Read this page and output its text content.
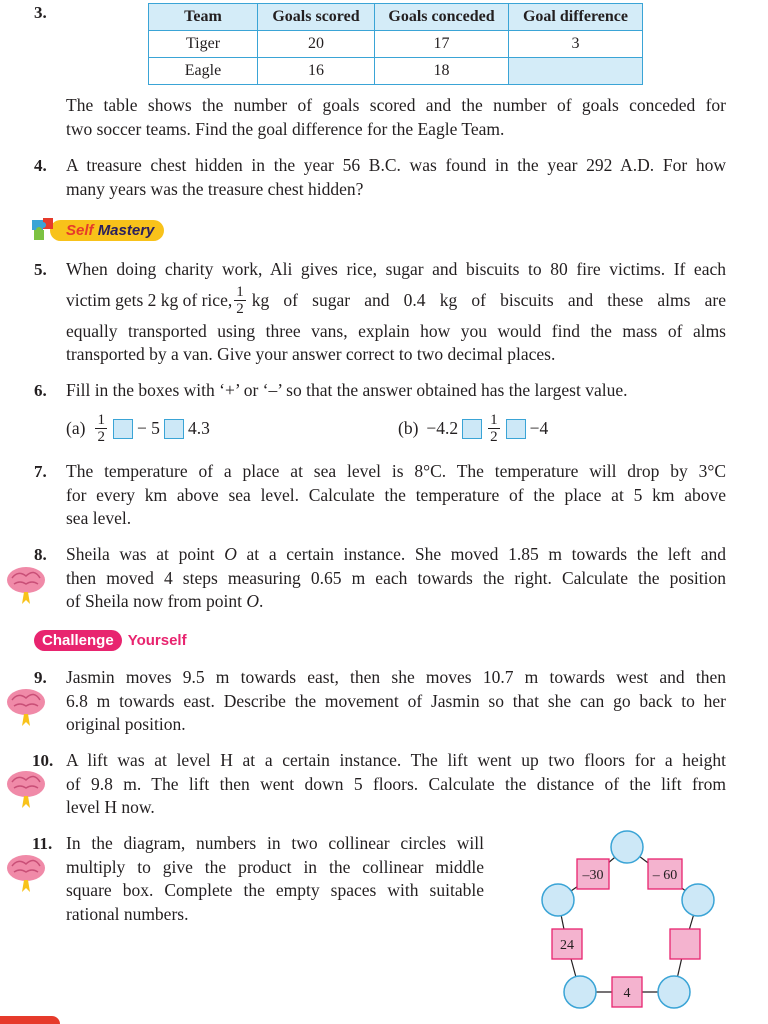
3.	Team	Goals scored	Goals conceded	Goal difference
Tiger	20	17	3
Eagle	16	18	
The table shows the number of goals scored and the number of goals conceded for
two soccer teams. Find the goal difference for the Eagle Team.
4. A treasure chest hidden in the year 56 B.C. was found in the year 292 A.D. For how
many years was the treasure chest hidden?
Self Mastery
5. When doing charity work, Ali gives rice, sugar and biscuits to 80 fire victims. If each
victim gets 2 kg of rice, $\frac{1}{2}$ kg of sugar and 0.4 kg of biscuits and these alms are
equally transported using three vans, explain how you would find the mass of alms
transported by a van. Give your answer correct to two decimal places.
6. Fill in the boxes with ‘+’ or ‘–’ so that the answer obtained has the largest value.
$(a) \frac{1}{2} - 5$ 4.3	$(b) -4.2 \frac{1}{2} -4$
7. The temperature of a place at sea level is 8°C. The temperature will drop by 3°C
for every km above sea level. Calculate the temperature of the place at 5 km above
sea level.
8. Sheila was at point O at a certain instance. She moved 1.85 m towards the left and
then moved 4 steps measuring 0.65 m each towards the right. Calculate the position
of Sheila now from point O.
Challenge Yourself
9. Jasmin moves 9.5 m towards east, then she moves 10.7 m towards west and then
6.8 m towards east. Describe the movement of Jasmin so that she can go back to her
original position.
10. A lift was at level H at a certain instance. The lift went up two floors for a height
of 9.8 m. The lift then went down 5 floors. Calculate the distance of the lift from
level H now.
11. In the diagram, numbers in two collinear circles will
multiply to give the product in the collinear middle
square box. Complete the empty spaces with suitable
rational numbers.
–30	– 60
24
4
